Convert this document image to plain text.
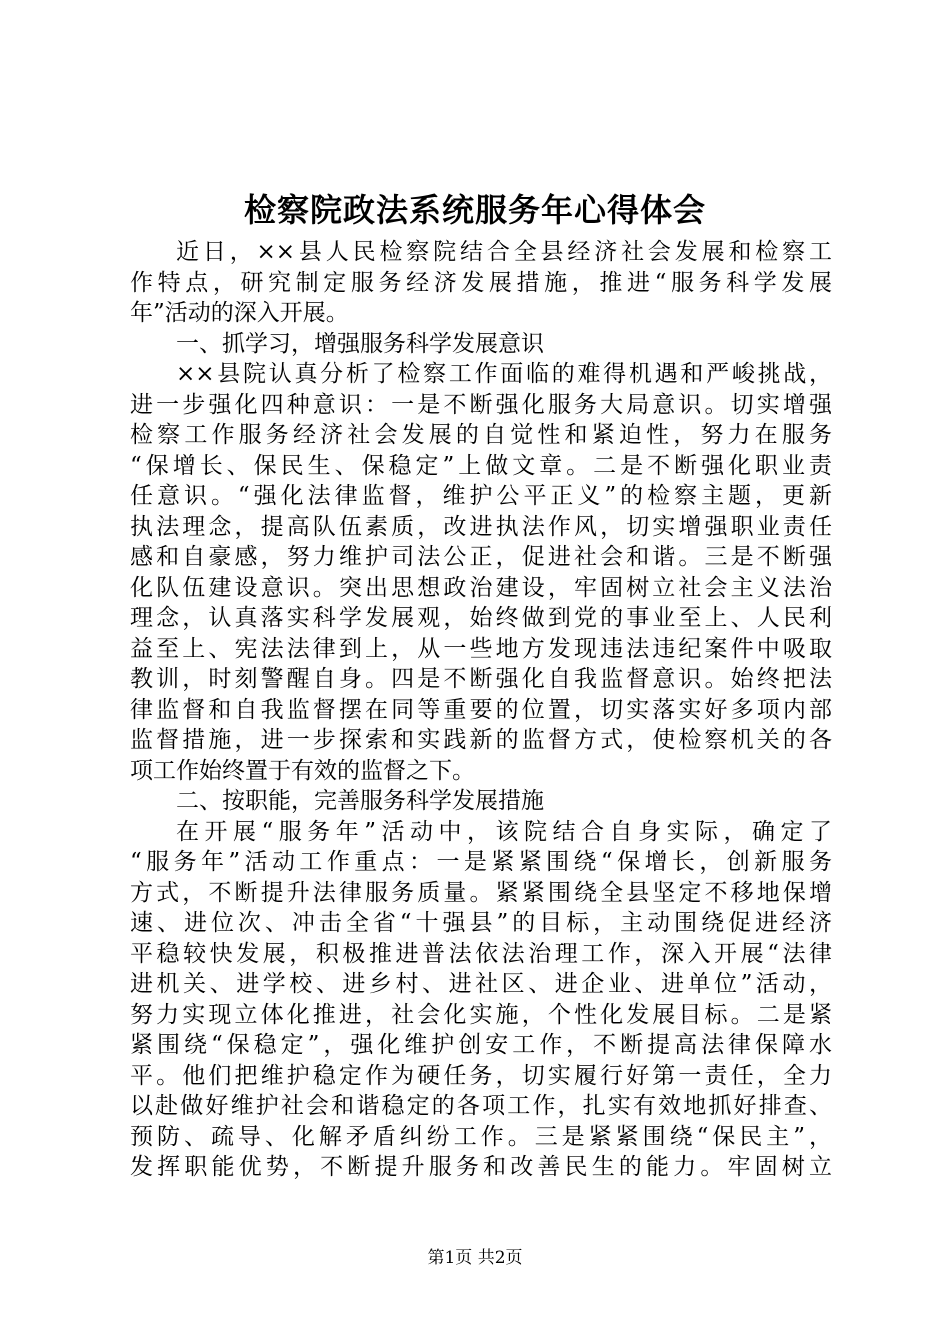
检察院政法系统服务年心得体会
近日，××县人民检察院结合全县经济社会发展和检察工
作特点，研究制定服务经济发展措施，推进“服务科学发展
年”活动的深入开展。
一、抓学习，增强服务科学发展意识
××县院认真分析了检察工作面临的难得机遇和严峻挑战，
进一步强化四种意识：一是不断强化服务大局意识。切实增强
检察工作服务经济社会发展的自觉性和紧迫性，努力在服务
“保增长、保民生、保稳定”上做文章。二是不断强化职业责
任意识。“强化法律监督，维护公平正义”的检察主题，更新
执法理念，提高队伍素质，改进执法作风，切实增强职业责任
感和自豪感，努力维护司法公正，促进社会和谐。三是不断强
化队伍建设意识。突出思想政治建设，牢固树立社会主义法治
理念，认真落实科学发展观，始终做到党的事业至上、人民利
益至上、宪法法律到上，从一些地方发现违法违纪案件中吸取
教训，时刻警醒自身。四是不断强化自我监督意识。始终把法
律监督和自我监督摆在同等重要的位置，切实落实好多项内部
监督措施，进一步探索和实践新的监督方式，使检察机关的各
项工作始终置于有效的监督之下。
二、按职能，完善服务科学发展措施
在开展“服务年”活动中，该院结合自身实际，确定了
“服务年”活动工作重点：一是紧紧围绕“保增长，创新服务
方式，不断提升法律服务质量。紧紧围绕全县坚定不移地保增
速、进位次、冲击全省“十强县”的目标，主动围绕促进经济
平稳较快发展，积极推进普法依法治理工作，深入开展“法律
进机关、进学校、进乡村、进社区、进企业、进单位”活动，
努力实现立体化推进，社会化实施，个性化发展目标。二是紧
紧围绕“保稳定”，强化维护创安工作，不断提高法律保障水
平。他们把维护稳定作为硬任务，切实履行好第一责任，全力
以赴做好维护社会和谐稳定的各项工作，扎实有效地抓好排查、
预防、疏导、化解矛盾纠纷工作。三是紧紧围绕“保民主”，
发挥职能优势，不断提升服务和改善民生的能力。牢固树立
第1页 共2页
